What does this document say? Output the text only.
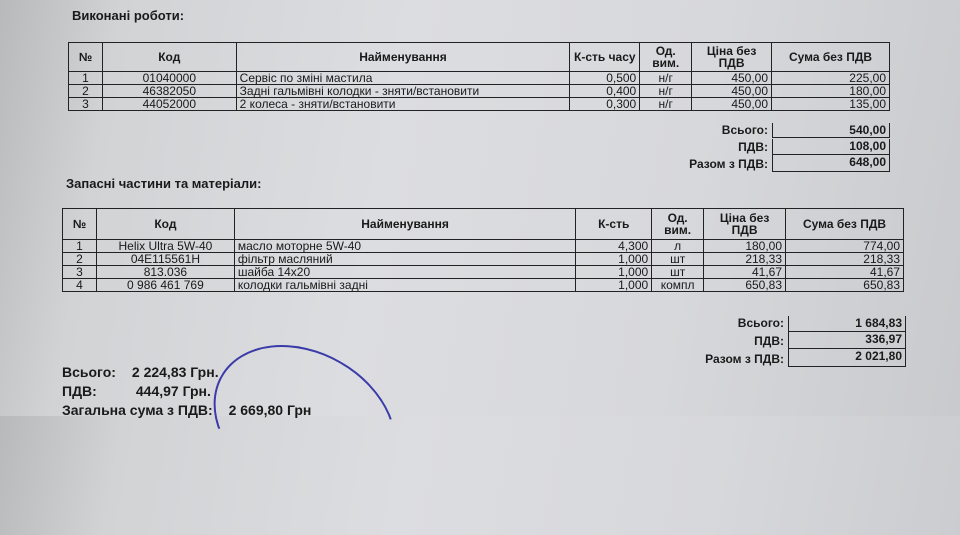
Виконані роботи:
№	Код	Найменування	К-сть часу	Од. вим.	Ціна без ПДВ	Сума без ПДВ
1	01040000	Сервіс по зміні мастила	0,500	н/г	450,00	225,00
2	46382050	Задні гальмівні колодки - зняти/встановити	0,400	н/г	450,00	180,00
3	44052000	2 колеса - зняти/встановити	0,300	н/г	450,00	135,00
Всього:	540,00
ПДВ:	108,00
Разом з ПДВ:	648,00
Запасні частини та матеріали:
№	Код	Найменування	К-сть	Од. вим.	Ціна без ПДВ	Сума без ПДВ
1	Helix Ultra 5W-40	масло моторне 5W-40	4,300	л	180,00	774,00
2	04E115561H	фільтр масляний	1,000	шт	218,33	218,33
3	813.036	шайба 14x20	1,000	шт	41,67	41,67
4	0 986 461 769	колодки гальмівні задні	1,000	компл	650,83	650,83
Всього:	1 684,83
ПДВ:	336,97
Разом з ПДВ:	2 021,80
Всього: 2 224,83 Грн.
ПДВ:	444,97 Грн.
Загальна сума з ПДВ: 2 669,80 Грн
